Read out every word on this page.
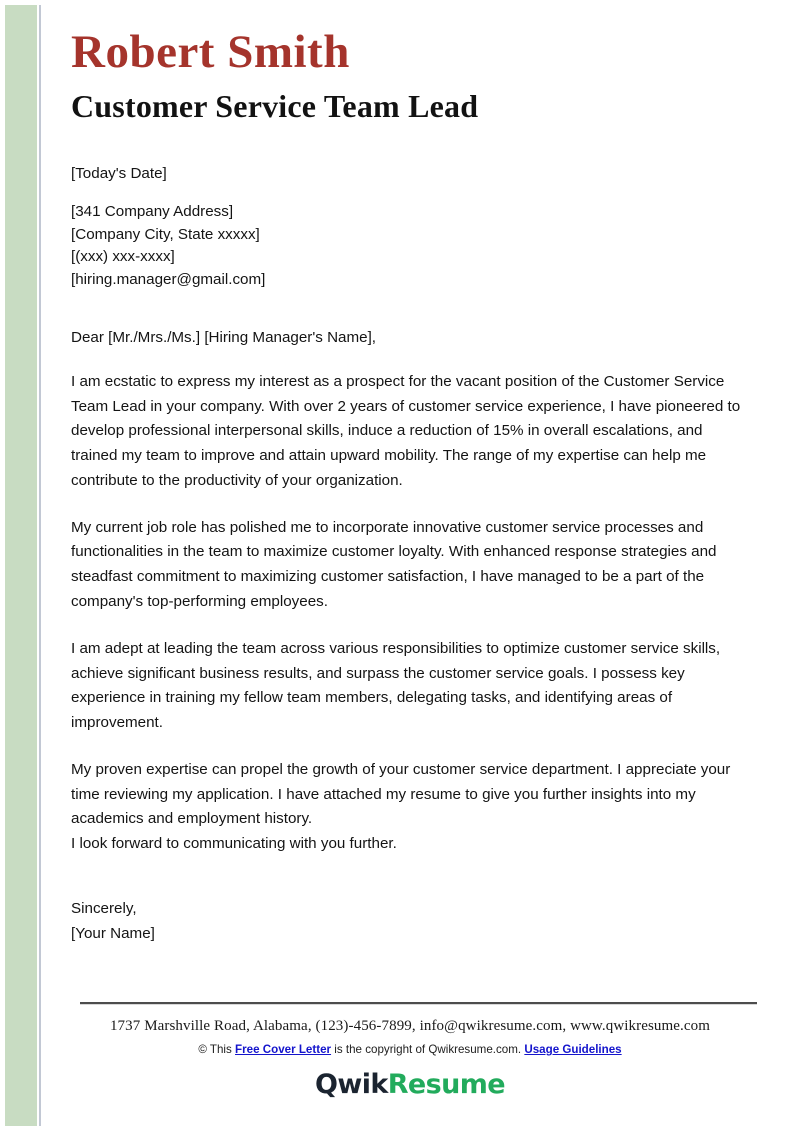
Robert Smith
Customer Service Team Lead
[Today's Date]
[341 Company Address]
[Company City, State xxxxx]
[(xxx) xxx-xxxx]
[hiring.manager@gmail.com]
Dear [Mr./Mrs./Ms.] [Hiring Manager's Name],

I am ecstatic to express my interest as a prospect for the vacant position of the Customer Service Team Lead in your company. With over 2 years of customer service experience, I have pioneered to develop professional interpersonal skills, induce a reduction of 15% in overall escalations, and trained my team to improve and attain upward mobility. The range of my expertise can help me contribute to the productivity of your organization.

My current job role has polished me to incorporate innovative customer service processes and functionalities in the team to maximize customer loyalty. With enhanced response strategies and steadfast commitment to maximizing customer satisfaction, I have managed to be a part of the company's top-performing employees.

I am adept at leading the team across various responsibilities to optimize customer service skills, achieve significant business results, and surpass the customer service goals. I possess key experience in training my fellow team members, delegating tasks, and identifying areas of improvement.

My proven expertise can propel the growth of your customer service department. I appreciate your time reviewing my application. I have attached my resume to give you further insights into my academics and employment history.

I look forward to communicating with you further.

Sincerely,
[Your Name]
1737 Marshville Road, Alabama, (123)-456-7899, info@qwikresume.com, www.qwikresume.com
© This Free Cover Letter is the copyright of Qwikresume.com. Usage Guidelines
Qwik Resume
